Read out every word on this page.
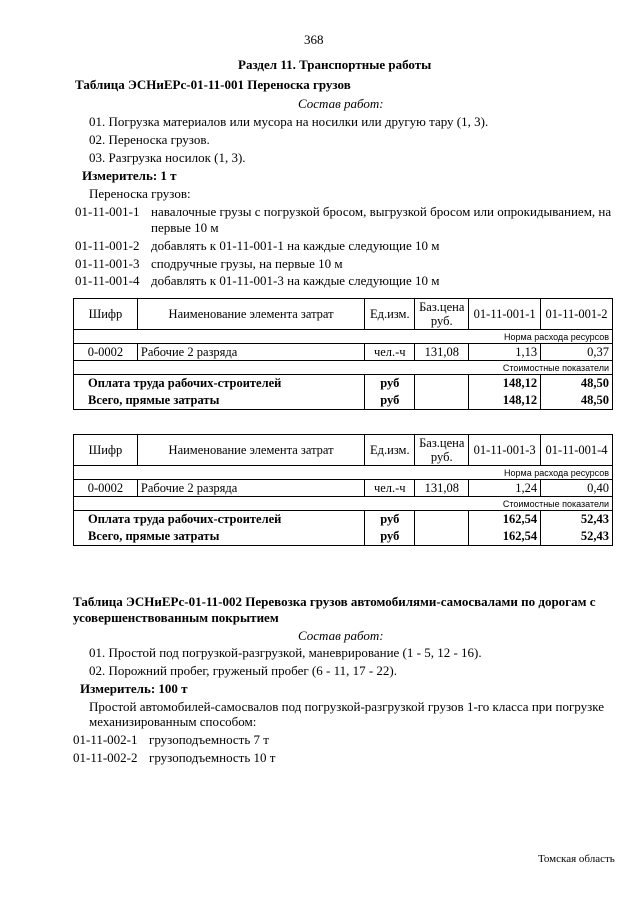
368
Раздел 11. Транспортные работы
Таблица ЭСНиЕРс-01-11-001 Переноска грузов
Состав работ:
01. Погрузка материалов или мусора на носилки или другую тару (1, 3).
02. Переноска грузов.
03. Разгрузка носилок (1, 3).
Измеритель: 1 т
Переноска грузов:
01-11-001-1 навалочные грузы с погрузкой бросом, выгрузкой бросом или опрокидыванием, на
первые 10 м
01-11-001-2 добавлять к 01-11-001-1 на каждые следующие 10 м
01-11-001-3 сподручные грузы, на первые 10 м
01-11-001-4 добавлять к 01-11-001-3 на каждые следующие 10 м
Шифр	Наименование элемента затрат	Ед.изм.	Баз.цена руб.	01-11-001-1	01-11-001-2
Норма расхода ресурсов					
0-0002	Рабочие 2 разряда	чел.-ч	131,08	1,13	0,37
Стоимостные показатели					
Оплата труда рабочих-строителей		руб		148,12	48,50
Всего, прямые затраты		руб		148,12	48,50
Шифр	Наименование элемента затрат	Ед.изм.	Баз.цена руб.	01-11-001-3	01-11-001-4
Норма расхода ресурсов					
0-0002	Рабочие 2 разряда	чел.-ч	131,08	1,24	0,40
Стоимостные показатели					
Оплата труда рабочих-строителей		руб		162,54	52,43
Всего, прямые затраты		руб		162,54	52,43
Таблица ЭСНиЕРс-01-11-002 Перевозка грузов автомобилями-самосвалами по дорогам с
усовершенствованным покрытием
Состав работ:
01. Простой под погрузкой-разгрузкой, маневрирование (1 - 5, 12 - 16).
02. Порожний пробег, груженый пробег (6 - 11, 17 - 22).
Измеритель: 100 т
Простой автомобилей-самосвалов под погрузкой-разгрузкой грузов 1-го класса при погрузке
механизированным способом:
01-11-002-1 грузоподъемность 7 т
01-11-002-2 грузоподъемность 10 т
Томская область
